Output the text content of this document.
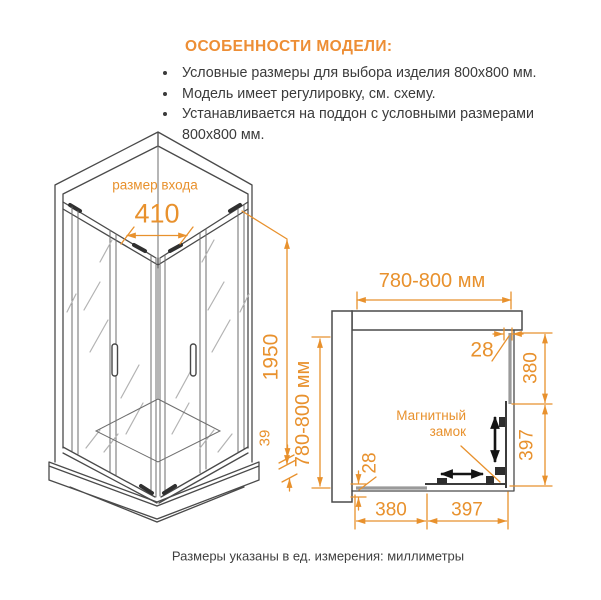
ОСОБЕННОСТИ МОДЕЛИ:
• Условные размеры для выбора изделия 800х800 мм.
• Модель имеет регулировку, см. схему.
• Устанавливается на поддон с условными размерами 800х800 мм.
размер входа
410
1950
39 780-800 мм
780-800 мм
28
28
380
397
380 397
Магнитный
замок
Размеры указаны в ед. измерения: миллиметры
